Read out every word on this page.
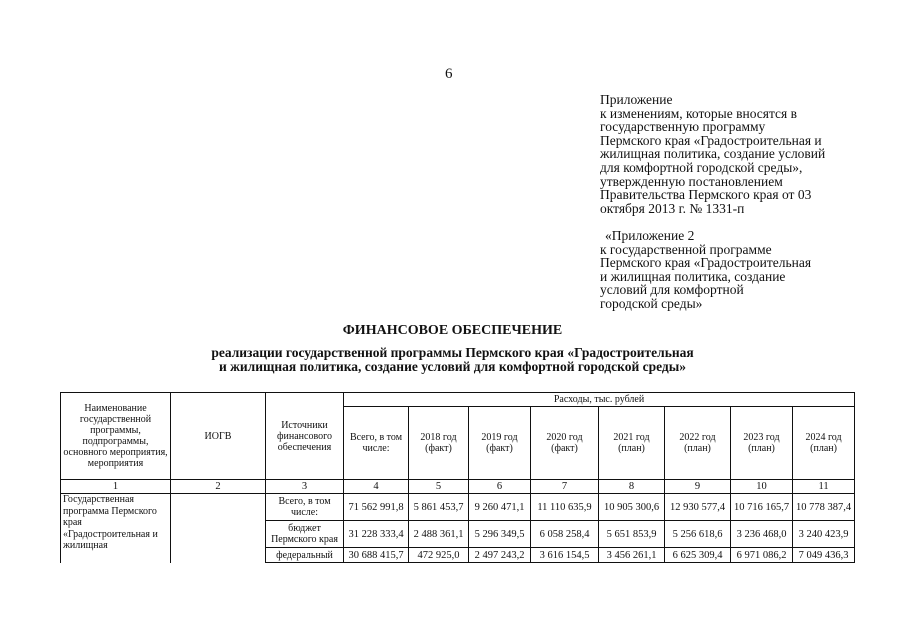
6
Приложение
к изменениям, которые вносятся в
государственную программу
Пермского края «Градостроительная и
жилищная политика, создание условий
для комфортной городской среды»,
утвержденную постановлением
Правительства Пермского края от 03
октября 2013 г. № 1331-п
«Приложение 2
к государственной программе
Пермского края «Градостроительная
и жилищная политика, создание
условий для комфортной
городской среды»
ФИНАНСОВОЕ ОБЕСПЕЧЕНИЕ
реализации государственной программы Пермского края «Градостроительная
и жилищная политика, создание условий для комфортной городской среды»
Наименование государственной программы, подпрограммы, основного мероприятия, мероприятия	ИОГВ	Источники финансового обеспечения	Расходы, тыс. рублей							
			Всего, в том числе:	2018 год (факт)	2019 год (факт)	2020 год (факт)	2021 год (план)	2022 год (план)	2023 год (план)	2024 год (план)
1	2	3	4	5	6	7	8	9	10	11

Государственная программа Пермского края «Градостроительная и жилищная		Всего, в том числе:	71 562 991,8	5 861 453,7	9 260 471,1	11 110 635,9	10 905 300,6	12 930 577,4	10 716 165,7	10 778 387,4
		бюджет Пермского края	31 228 333,4	2 488 361,1	5 296 349,5	6 058 258,4	5 651 853,9	5 256 618,6	3 236 468,0	3 240 423,9
		федеральный	30 688 415,7	472 925,0	2 497 243,2	3 616 154,5	3 456 261,1	6 625 309,4	6 971 086,2	7 049 436,3
